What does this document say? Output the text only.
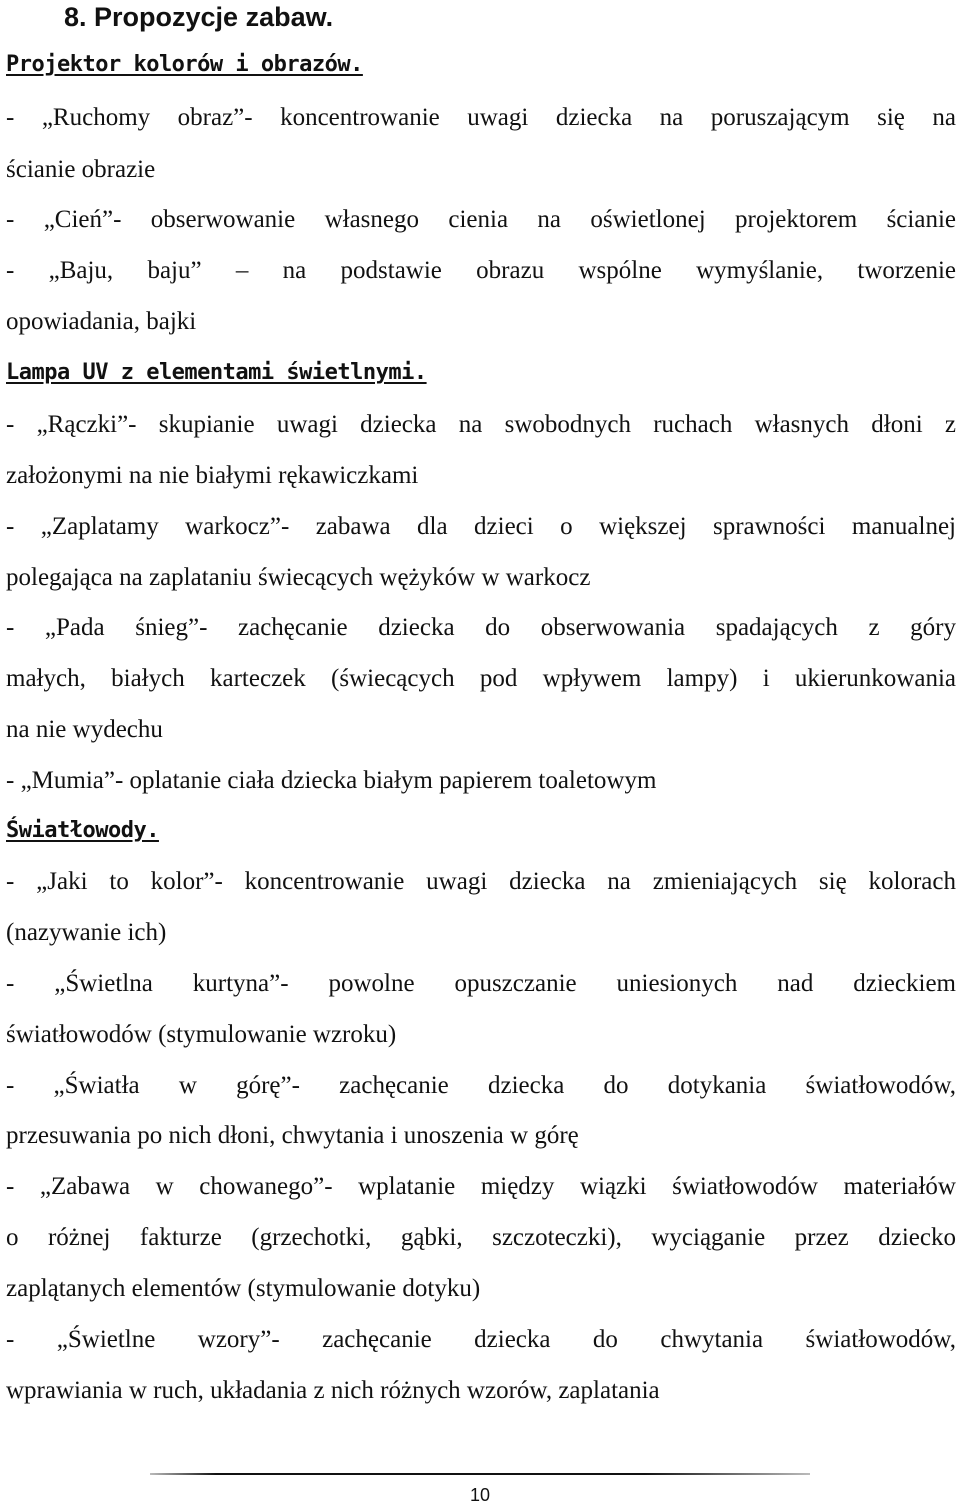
8. Propozycje zabaw.
Projektor kolorów i obrazów.
- „Ruchomy obraz”- koncentrowanie uwagi dziecka na poruszającym się na
ścianie obrazie
- „Cień”- obserwowanie własnego cienia na oświetlonej projektorem ścianie
- „Baju, baju” – na podstawie obrazu wspólne wymyślanie, tworzenie
opowiadania, bajki
Lampa UV z elementami świetlnymi.
- „Rączki”- skupianie uwagi dziecka na swobodnych ruchach własnych dłoni z
założonymi na nie białymi rękawiczkami
- „Zaplatamy warkocz”- zabawa dla dzieci o większej sprawności manualnej
polegająca na zaplataniu świecących wężyków w warkocz
- „Pada śnieg”- zachęcanie dziecka do obserwowania spadających z góry
małych, białych karteczek (świecących pod wpływem lampy) i ukierunkowania
na nie wydechu
- „Mumia”- oplatanie ciała dziecka białym papierem toaletowym
Światłowody.
- „Jaki to kolor”- koncentrowanie uwagi dziecka na zmieniających się kolorach
(nazywanie ich)
- „Świetlna kurtyna”- powolne opuszczanie uniesionych nad dzieckiem
światłowodów (stymulowanie wzroku)
- „Światła w górę”- zachęcanie dziecka do dotykania światłowodów,
przesuwania po nich dłoni, chwytania i unoszenia w górę
- „Zabawa w chowanego”- wplatanie między wiązki światłowodów materiałów
o różnej fakturze (grzechotki, gąbki, szczoteczki), wyciąganie przez dziecko
zaplątanych elementów (stymulowanie dotyku)
- „Świetlne wzory”- zachęcanie dziecka do chwytania światłowodów,
wprawiania w ruch, układania z nich różnych wzorów, zaplatania
10
